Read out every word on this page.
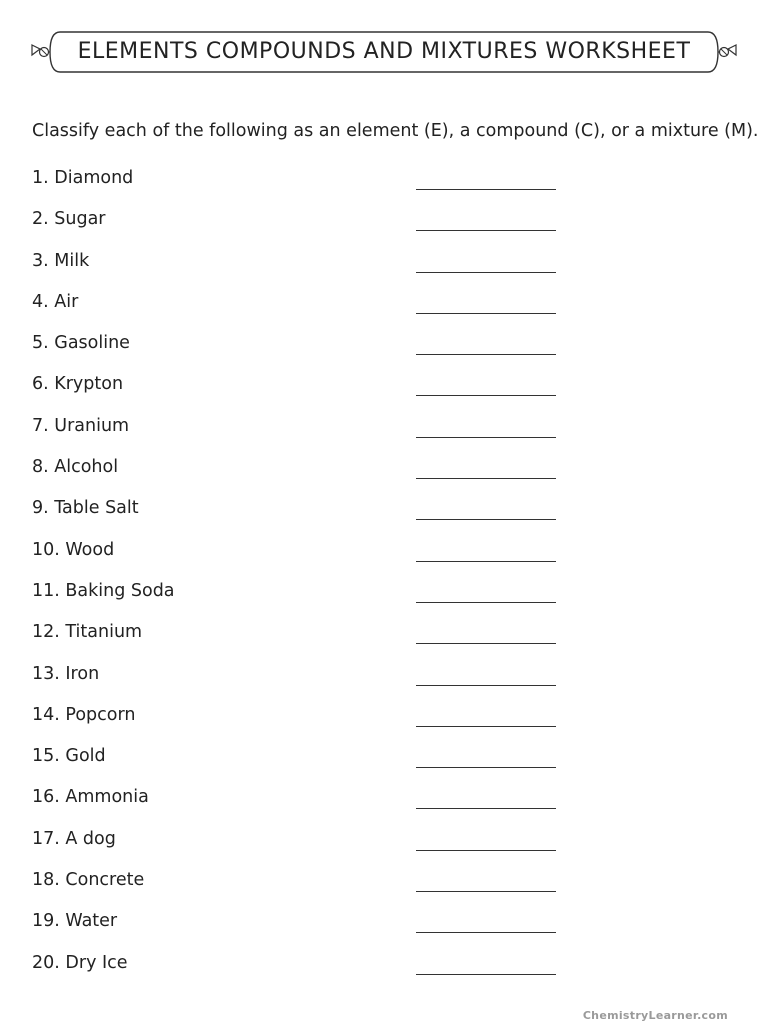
ELEMENTS COMPOUNDS AND MIXTURES WORKSHEET
Classify each of the following as an element (E), a compound (C), or a mixture (M).
1. Diamond
2. Sugar
3. Milk
4. Air
5. Gasoline
6. Krypton
7. Uranium
8. Alcohol
9. Table Salt
10. Wood
11. Baking Soda
12. Titanium
13. Iron
14. Popcorn
15. Gold
16. Ammonia
17. A dog
18. Concrete
19. Water
20. Dry Ice
ChemistryLearner.com
